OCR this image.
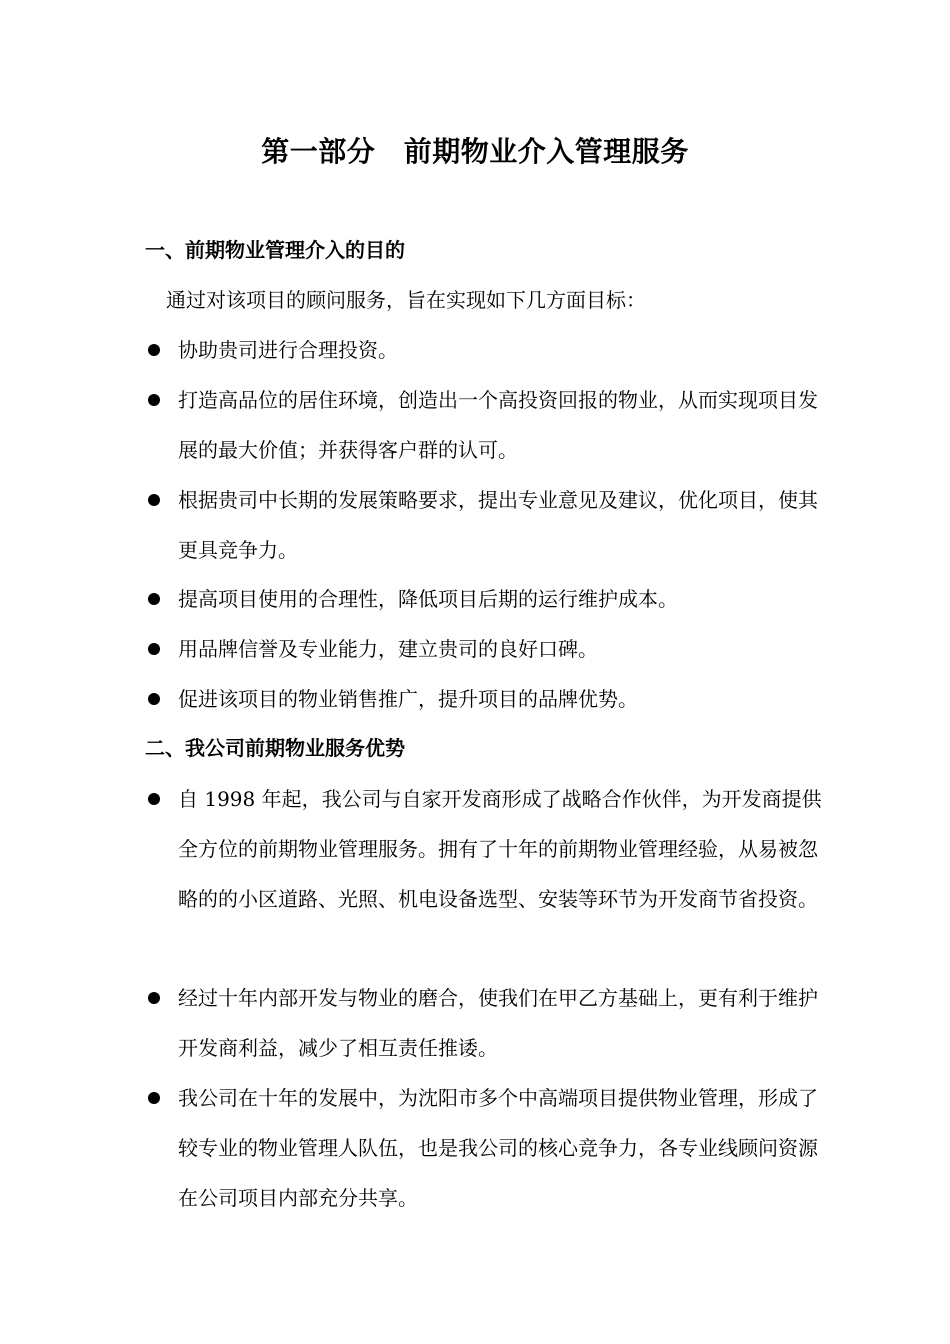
第一部分　前期物业介入管理服务
一、前期物业管理介入的目的
通过对该项目的顾问服务，旨在实现如下几方面目标：
协助贵司进行合理投资。
打造高品位的居住环境，创造出一个高投资回报的物业，从而实现项目发展的最大价值；并获得客户群的认可。
根据贵司中长期的发展策略要求，提出专业意见及建议，优化项目，使其更具竞争力。
提高项目使用的合理性，降低项目后期的运行维护成本。
用品牌信誉及专业能力，建立贵司的良好口碑。
促进该项目的物业销售推广，提升项目的品牌优势。
二、我公司前期物业服务优势
自 1998 年起，我公司与自家开发商形成了战略合作伙伴，为开发商提供全方位的前期物业管理服务。拥有了十年的前期物业管理经验，从易被忽略的的小区道路、光照、机电设备选型、安装等环节为开发商节省投资。
经过十年内部开发与物业的磨合，使我们在甲乙方基础上，更有利于维护开发商利益，减少了相互责任推诿。
我公司在十年的发展中，为沈阳市多个中高端项目提供物业管理，形成了较专业的物业管理人队伍，也是我公司的核心竞争力，各专业线顾问资源在公司项目内部充分共享。
